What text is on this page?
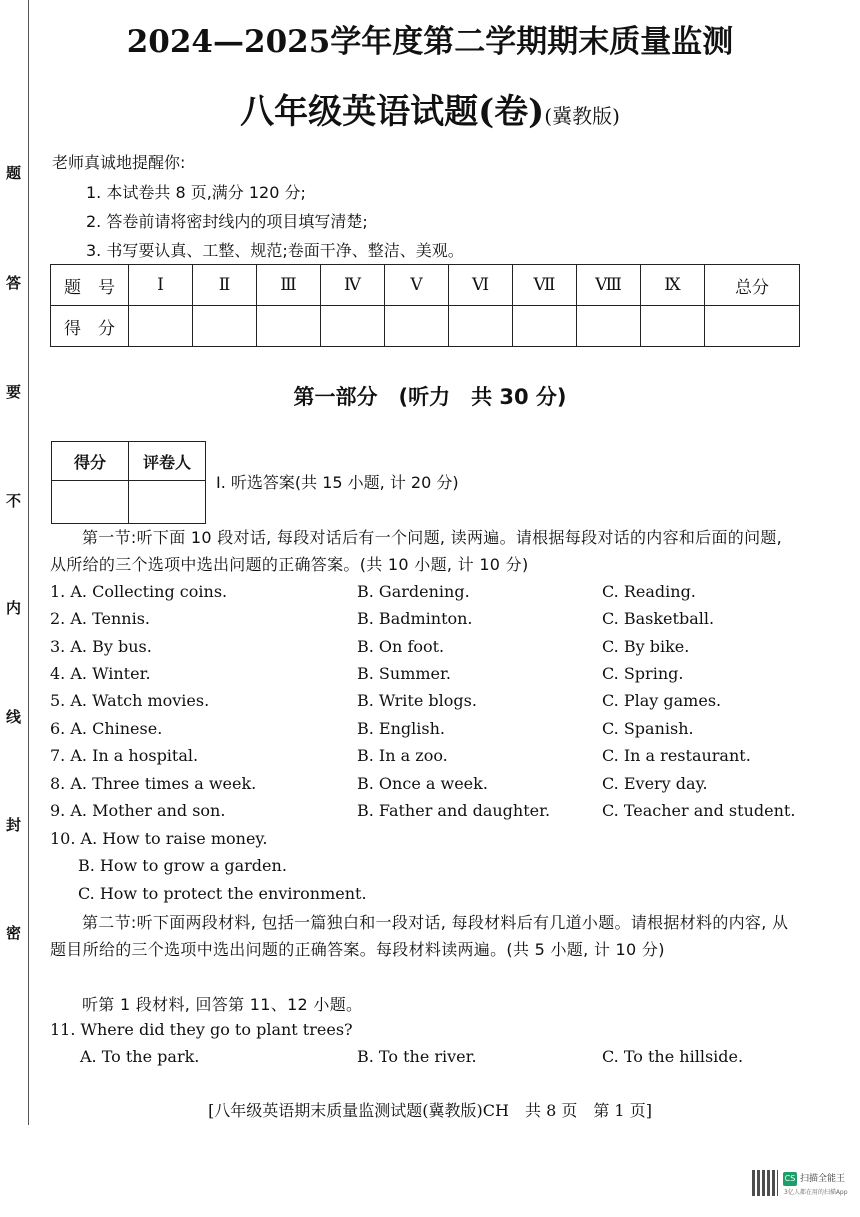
题
答
要
不
内
线
封
密
2024—2025学年度第二学期期末质量监测
八年级英语试题(卷)(冀教版)
老师真诚地提醒你:
1. 本试卷共 8 页,满分 120 分;
2. 答卷前请将密封线内的项目填写清楚;
3. 书写要认真、工整、规范;卷面干净、整洁、美观。
题　号	Ⅰ	Ⅱ	Ⅲ	Ⅳ	Ⅴ	Ⅵ	Ⅶ	Ⅷ	Ⅸ	总分
得　分										
第一部分　(听力　共 30 分)
得分	评卷人

Ⅰ. 听选答案(共 15 小题, 计 20 分)
第一节:听下面 10 段对话, 每段对话后有一个问题, 读两遍。请根据每段对话的内容和后面的问题, 从所给的三个选项中选出问题的正确答案。(共 10 小题, 计 10 分)
1. A. Collecting coins.	B. Gardening.	C. Reading.
2. A. Tennis.	B. Badminton.	C. Basketball.
3. A. By bus.	B. On foot.	C. By bike.
4. A. Winter.	B. Summer.	C. Spring.
5. A. Watch movies.	B. Write blogs.	C. Play games.
6. A. Chinese.	B. English.	C. Spanish.
7. A. In a hospital.	B. In a zoo.	C. In a restaurant.
8. A. Three times a week.	B. Once a week.	C. Every day.
9. A. Mother and son.	B. Father and daughter.	C. Teacher and student.
10. A. How to raise money.
B. How to grow a garden.
C. How to protect the environment.
第二节:听下面两段材料, 包括一篇独白和一段对话, 每段材料后有几道小题。请根据材料的内容, 从题目所给的三个选项中选出问题的正确答案。每段材料读两遍。(共 5 小题, 计 10 分)
听第 1 段材料, 回答第 11、12 小题。
11. Where did they go to plant trees?
A. To the park.	B. To the river.	C. To the hillside.
[八年级英语期末质量监测试题(冀教版)CH　共 8 页　第 1 页]
CS 扫描全能王
3亿人都在用的扫描App
